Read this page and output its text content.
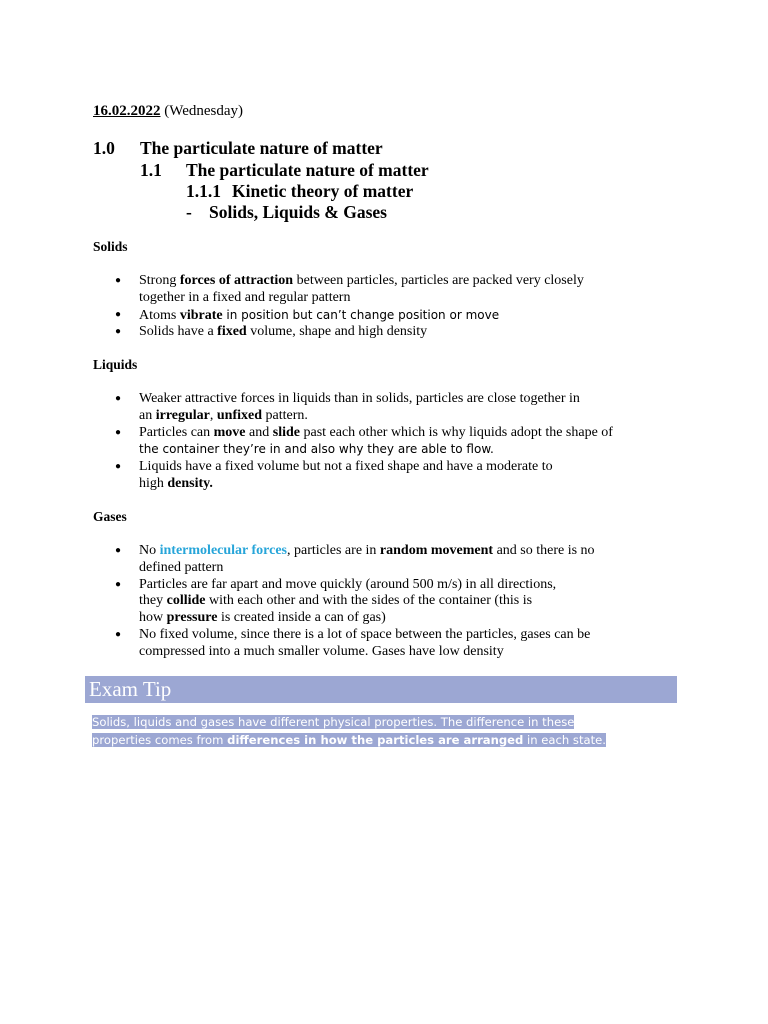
16.02.2022 (Wednesday)
1.0 The particulate nature of matter
1.1 The particulate nature of matter
1.1.1 Kinetic theory of matter
- Solids, Liquids & Gases
Solids
● Strong forces of attraction between particles, particles are packed very closely
together in a fixed and regular pattern
● Atoms vibrate in position but can’t change position or move
● Solids have a fixed volume, shape and high density
Liquids
● Weaker attractive forces in liquids than in solids, particles are close together in
an irregular, unfixed pattern.
● Particles can move and slide past each other which is why liquids adopt the shape of
the container they’re in and also why they are able to flow.
● Liquids have a fixed volume but not a fixed shape and have a moderate to
high density.
Gases
● No intermolecular forces, particles are in random movement and so there is no
defined pattern
● Particles are far apart and move quickly (around 500 m/s) in all directions,
they collide with each other and with the sides of the container (this is
how pressure is created inside a can of gas)
● No fixed volume, since there is a lot of space between the particles, gases can be
compressed into a much smaller volume. Gases have low density
Exam Tip
Solids, liquids and gases have different physical properties. The difference in these
properties comes from differences in how the particles are arranged in each state.
